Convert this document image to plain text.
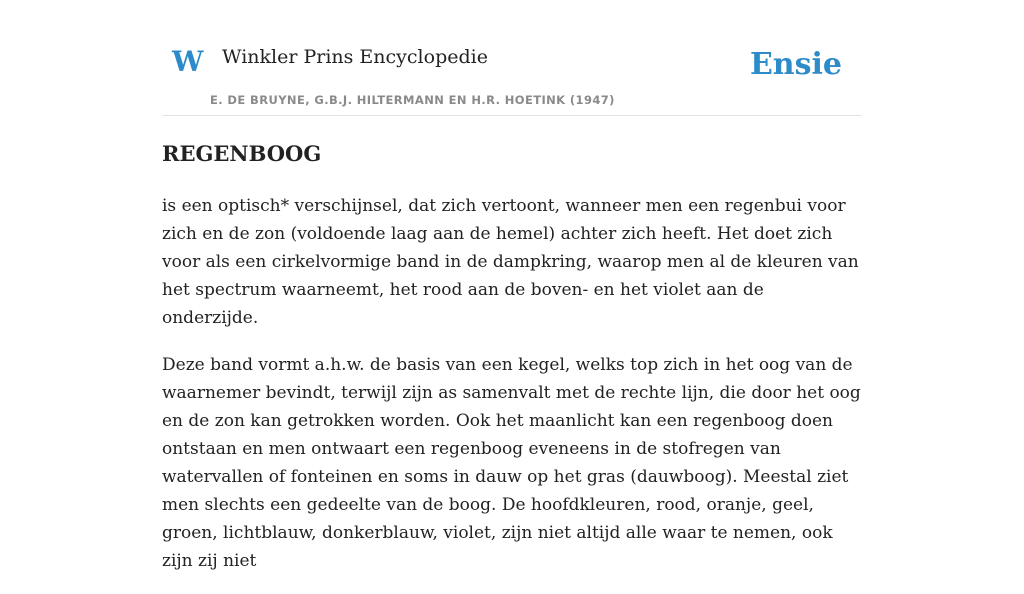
W Winkler Prins Encyclopedie
E. DE BRUYNE, G.B.J. HILTERMANN EN H.R. HOETINK (1947)
Ensie
REGENBOOG

is een optisch* verschijnsel, dat zich vertoont, wanneer men een regenbui voor zich en de zon (voldoende laag aan de hemel) achter zich heeft. Het doet zich voor als een cirkelvormige band in de dampkring, waarop men al de kleuren van het spectrum waarneemt, het rood aan de boven- en het violet aan de onderzijde.

Deze band vormt a.h.w. de basis van een kegel, welks top zich in het oog van de waarnemer bevindt, terwijl zijn as samenvalt met de rechte lijn, die door het oog en de zon kan getrokken worden. Ook het maanlicht kan een regenboog doen ontstaan en men ontwaart een regenboog eveneens in de stofregen van watervallen of fonteinen en soms in dauw op het gras (dauwboog). Meestal ziet men slechts een gedeelte van de boog. De hoofdkleuren, rood, oranje, geel, groen, lichtblauw, donkerblauw, violet, zijn niet altijd alle waar te nemen, ook zijn zij niet
